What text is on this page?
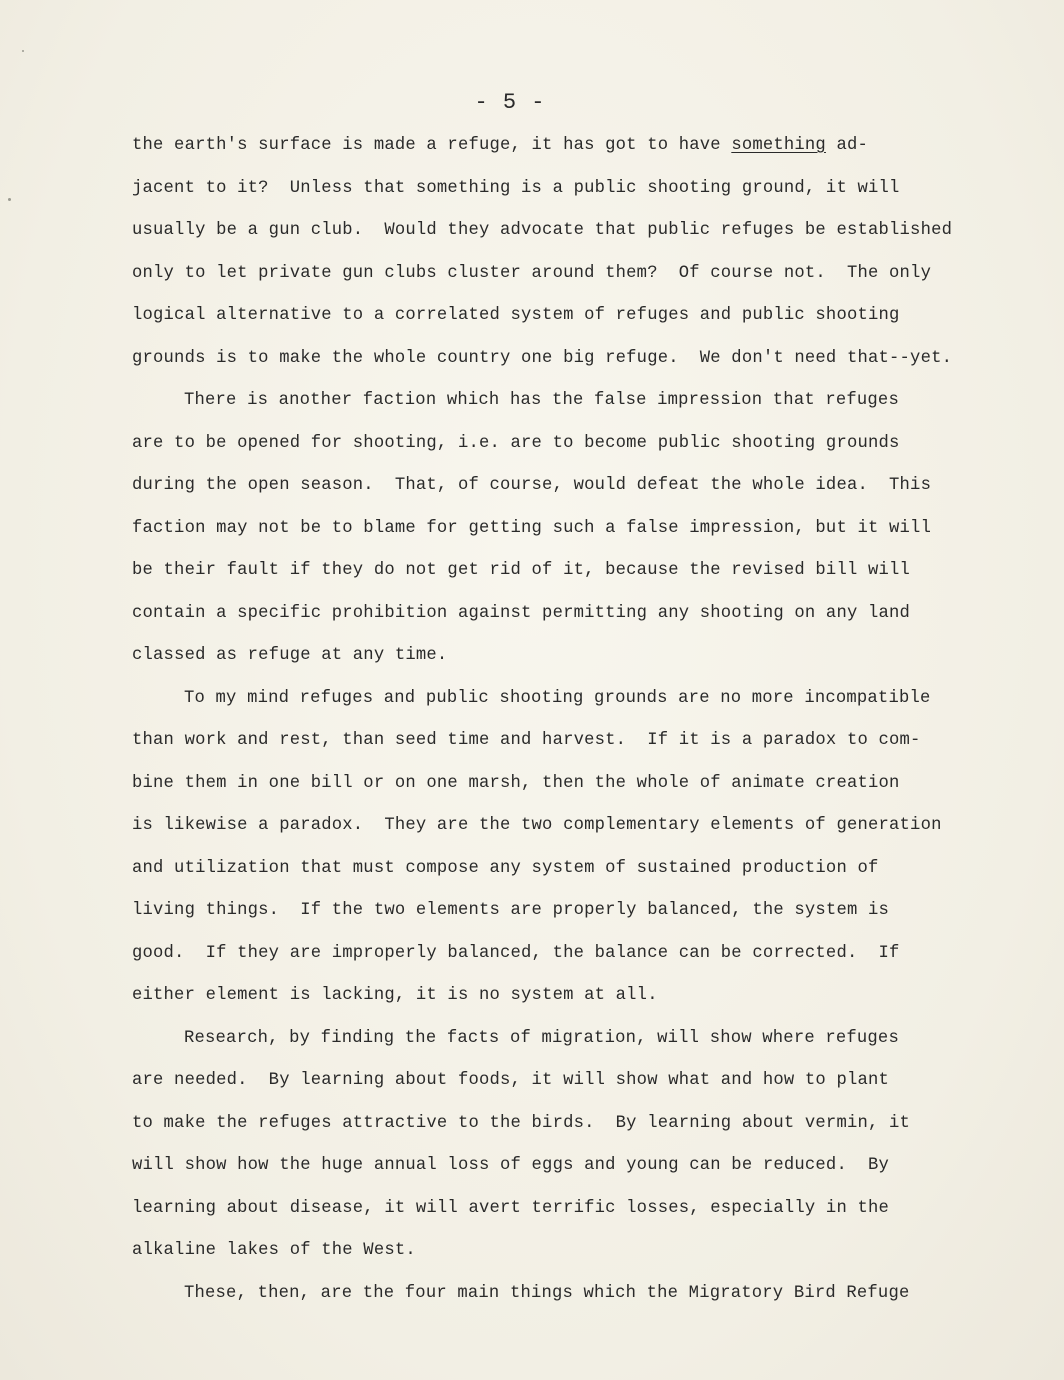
- 5 -
the earth's surface is made a refuge, it has got to have something ad-
jacent to it?  Unless that something is a public shooting ground, it will
usually be a gun club.  Would they advocate that public refuges be established
only to let private gun clubs cluster around them?  Of course not.  The only
logical alternative to a correlated system of refuges and public shooting
grounds is to make the whole country one big refuge.  We don't need that--yet.
There is another faction which has the false impression that refuges
are to be opened for shooting, i.e. are to become public shooting grounds
during the open season.  That, of course, would defeat the whole idea.  This
faction may not be to blame for getting such a false impression, but it will
be their fault if they do not get rid of it, because the revised bill will
contain a specific prohibition against permitting any shooting on any land
classed as refuge at any time.
To my mind refuges and public shooting grounds are no more incompatible
than work and rest, than seed time and harvest.  If it is a paradox to com-
bine them in one bill or on one marsh, then the whole of animate creation
is likewise a paradox.  They are the two complementary elements of generation
and utilization that must compose any system of sustained production of
living things.  If the two elements are properly balanced, the system is
good.  If they are improperly balanced, the balance can be corrected.  If
either element is lacking, it is no system at all.
Research, by finding the facts of migration, will show where refuges
are needed.  By learning about foods, it will show what and how to plant
to make the refuges attractive to the birds.  By learning about vermin, it
will show how the huge annual loss of eggs and young can be reduced.  By
learning about disease, it will avert terrific losses, especially in the
alkaline lakes of the West.
These, then, are the four main things which the Migratory Bird Refuge
